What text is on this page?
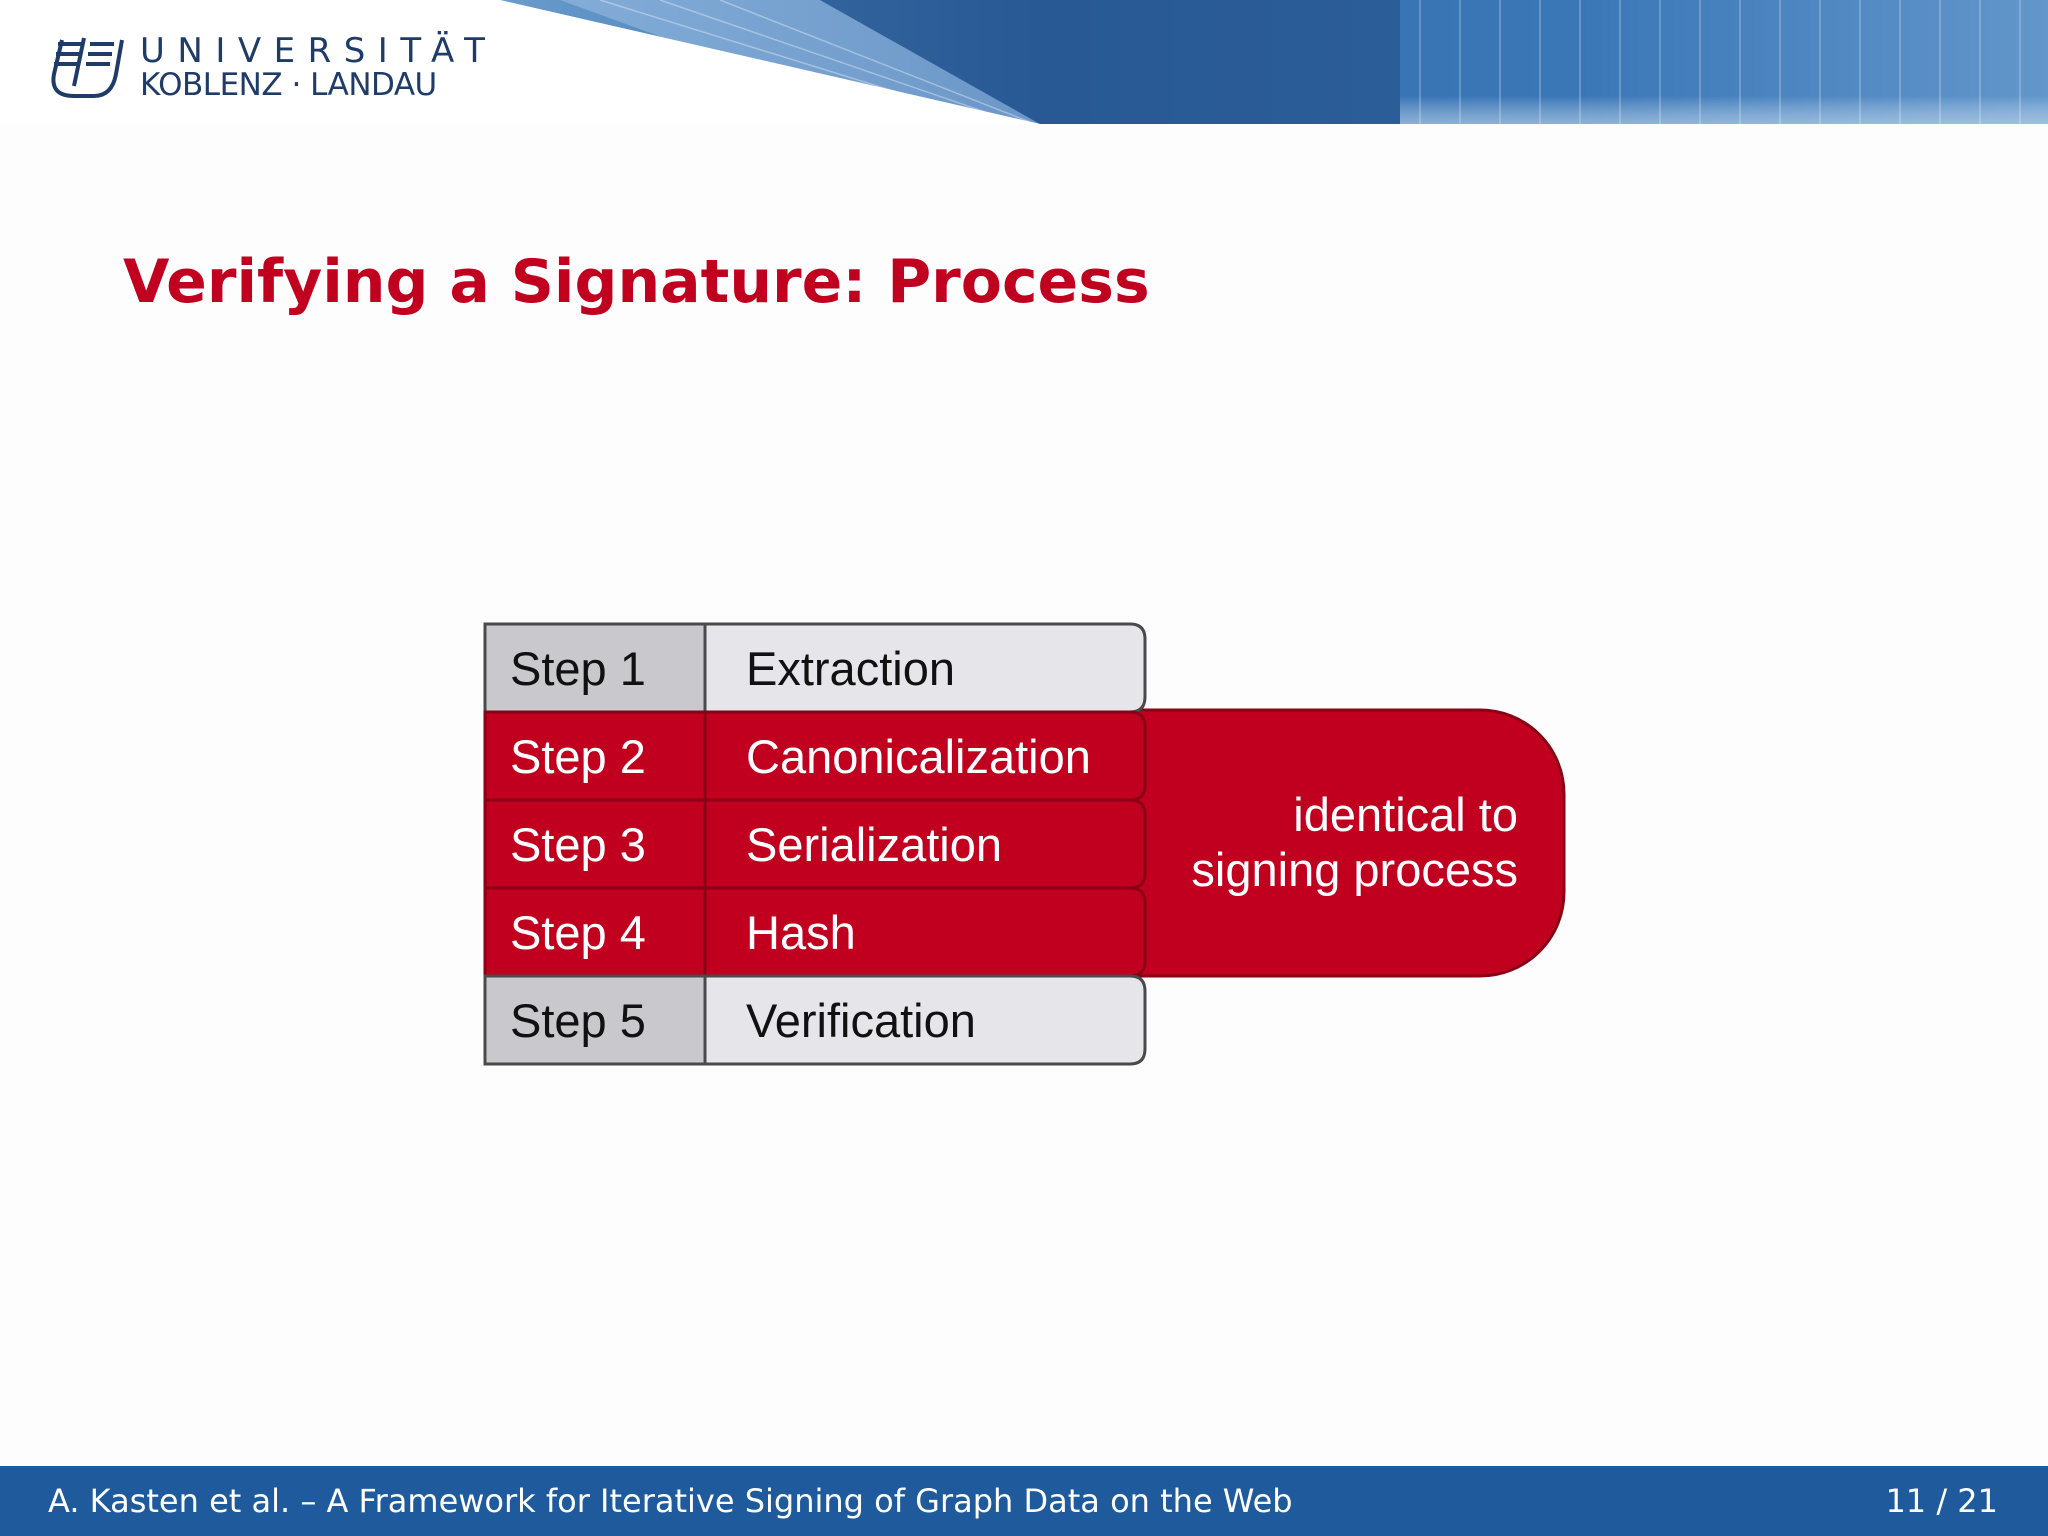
UNIVERSITÄT
KOBLENZ · LANDAU
Verifying a Signature: Process
Step 1 Extraction
Step 2 Canonicalization
Step 3 Serialization
Step 4 Hash
Step 5 Verification
identical to
signing process
A. Kasten et al. – A Framework for Iterative Signing of Graph Data on the Web	11 / 21
